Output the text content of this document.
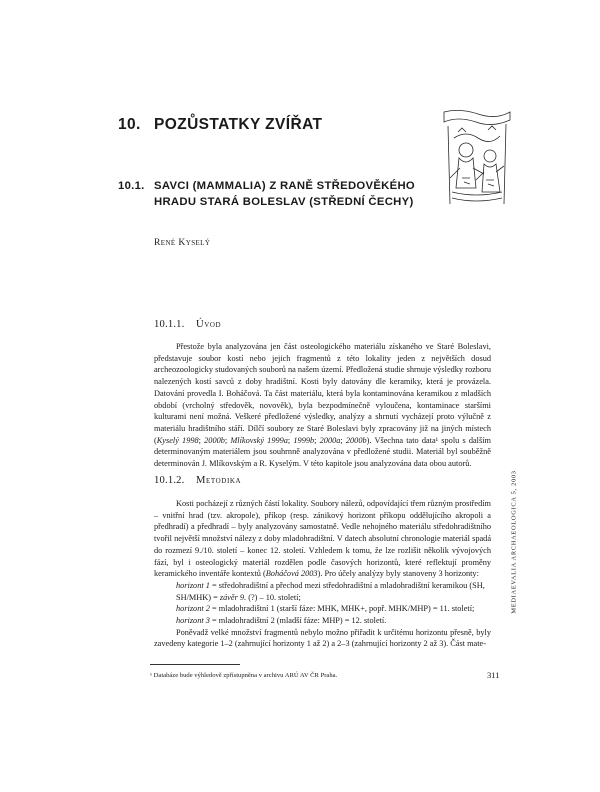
10. POZŮSTATKY ZVÍŘAT
10.1. SAVCI (MAMMALIA) Z RANĚ STŘEDOVĚKÉHO
HRADU STARÁ BOLESLAV (STŘEDNÍ ČECHY)
René Kyselý
10.1.1. Úvod

Přestože byla analyzována jen část osteologického materiálu získaného ve Staré Boleslavi, představuje soubor kostí nebo jejich fragmentů z této lokality jeden z největších dosud archeozoologicky studovaných souborů na našem území. Předložená studie shrnuje výsledky rozboru nalezených kostí savců z doby hradištní. Kosti byly datovány dle keramiky, která je provázela. Datování provedla I. Boháčová. Ta část materiálu, která byla kontaminována keramikou z mladších období (vrcholný středověk, novověk), byla bezpodmínečně vyloučena, kontaminace staršími kulturami není možná. Veškeré předložené výsledky, analýzy a shrnutí vycházejí proto výlučně z materiálu hradištního stáří. Dílčí soubory ze Staré Boleslavi byly zpracovány již na jiných místech (Kyselý 1998; 2000b; Mlíkovský 1999a; 1999b; 2000a; 2000b). Všechna tato data¹ spolu s dalším determinovaným materiálem jsou souhrnně analyzována v předložené studii. Materiál byl souběžně determinován J. Mlíkovským a R. Kyselým. V této kapitole jsou analyzována data obou autorů.

10.1.2. Metodika

Kosti pocházejí z různých částí lokality. Soubory nálezů, odpovídající třem různým prostředím – vnitřní hrad (tzv. akropole), příkop (resp. zánikový horizont příkopu oddělujícího akropoli a předhradí) a předhradí – byly analyzovány samostatně. Vedle nehojného materiálu středohradištního tvořil největší množství nálezy z doby mladohradištní. V datech absolutní chronologie materiál spadá do rozmezí 9./10. století – konec 12. století. Vzhledem k tomu, že lze rozlišit několik vývojových fází, byl i osteologický materiál rozdělen podle časových horizontů, které reflektují proměny keramického inventáře kontextů (Boháčová 2003). Pro účely analýzy byly stanoveny 3 horizonty:

horizont 1 = středohradištní a přechod mezi středohradištní a mladohradištní keramikou (SH, SH/MHK) = závěr 9. (?) – 10. století;

horizont 2 = mladohradištní 1 (starší fáze: MHK, MHK+, popř. MHK/MHP) = 11. století;

horizont 3 = mladohradištní 2 (mladší fáze: MHP) = 12. století.

Poněvadž velké množství fragmentů nebylo možno přiřadit k určitému horizontu přesně, byly zavedeny kategorie 1–2 (zahrnující horizonty 1 až 2) a 2–3 (zahrnující horizonty 2 až 3). Část mate-

¹ Databáze bude výhledově zpřístupněna v archivu ARÚ AV ČR Praha.	311
MEDIAEVALIA ARCHAEOLOGICA 5, 2003
